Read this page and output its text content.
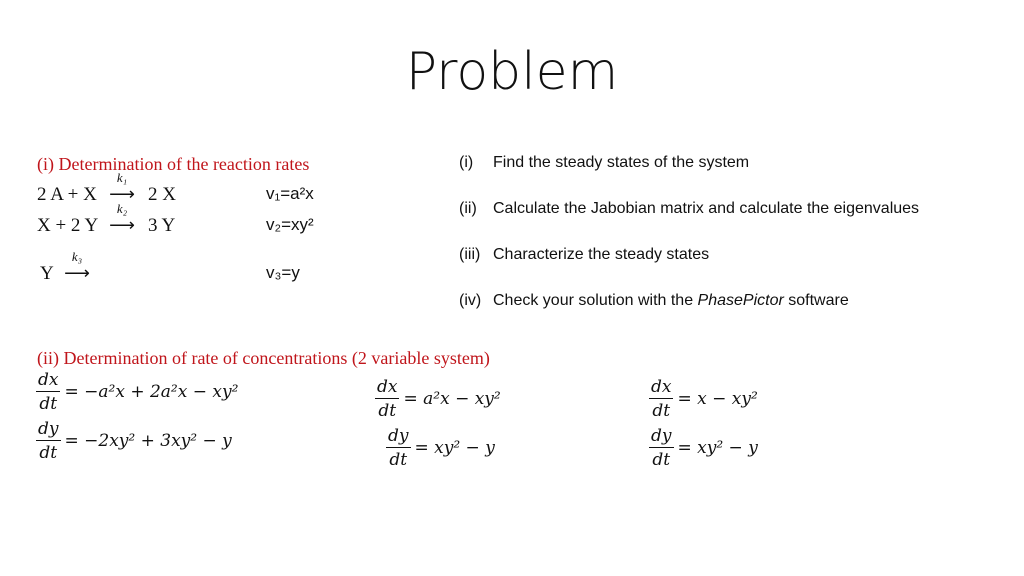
Problem
(i) Determination of the reaction rates
2 A + X
k₁
⟶ 2 X	v₁=a²x
X + 2 Y
k₂
⟶ 3 Y	v₂=xy²
Y
k₃
⟶	v₃=y
(i) Find the steady states of the system
(ii) Calculate the Jabobian matrix and calculate the eigenvalues
(iii) Characterize the steady states
(iv) Check your solution with the PhasePictor software
(ii) Determination of rate of concentrations (2 variable system)
$\frac{dx}{dt} = -a^2x + 2a^2x - xy^2$
$\frac{dy}{dt} = -2xy^2 + 3xy^2 - y$
$\frac{dx}{dt} = a^2x - xy^2$
$\frac{dy}{dt} = xy^2 - y$
$\frac{dx}{dt} = x - xy^2$
$\frac{dy}{dt} = xy^2 - y$
